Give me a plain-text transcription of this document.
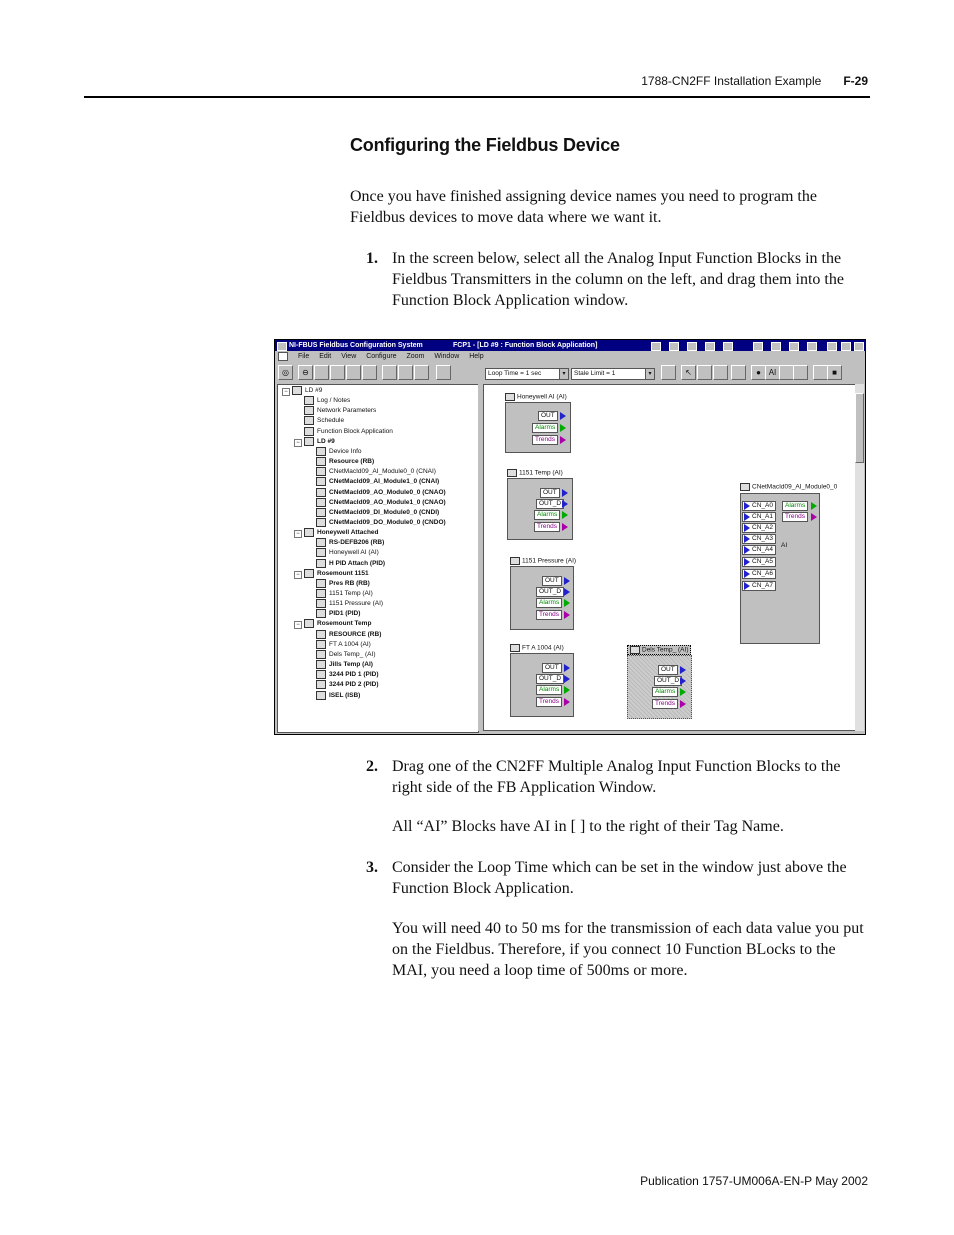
1788-CN2FF Installation Example F-29
Configuring the Fieldbus Device
Once you have finished assigning device names you need to program the Fieldbus devices to move data where we want it.
1. In the screen below, select all the Analog Input Function Blocks in the Fieldbus Transmitters in the column on the left, and drag them into the Function Block Application window.
NI-FBUS Fieldbus Configuration System	FCP1 - [LD #9 : Function Block Application]
File Edit View Configure Zoom Window Help
◎	⊖	Loop Time = 1 sec	▾	Stale Limit = 1	▾	↖	● AI	■
LD #9
−
Log / Notes
Network Parameters
Schedule
Function Block Application
LD #9
−
Device Info
Resource (RB)
CNetMacId09_AI_Module0_0 (CNAI)
CNetMacId09_AI_Module1_0 (CNAI)
CNetMacId09_AO_Module0_0 (CNAO)
CNetMacId09_AO_Module1_0 (CNAO)
CNetMacId09_DI_Module0_0 (CNDI)
CNetMacId09_DO_Module0_0 (CNDO)
Honeywell Attached
−
RS-DEFB206 (RB)
Honeywell AI (AI)
H PID Attach (PID)
Rosemount 1151
−
Pres RB (RB)
1151 Temp (AI)
1151 Pressure (AI)
PID1 (PID)
Rosemount Temp
−
RESOURCE (RB)
FT A 1004 (AI)
Dels Temp_ (AI)
Jills Temp (AI)
3244 PID 1 (PID)
3244 PID 2 (PID)
ISEL (ISB)
Honeywell AI (AI)
OUT
Alarms
Trends
1151 Temp (AI)
OUT
OUT_D
Alarms
Trends
1151 Pressure (AI)
OUT
OUT_D
Alarms
Trends
FT A 1004 (AI)
OUT
OUT_D
Alarms
Trends
Dels Temp_ (AI)
OUT
OUT_D
Alarms
Trends
CNetMacId09_AI_Module0_0
CN_A0
CN_A1
CN_A2
CN_A3
CN_A4
CN_A5
CN_A6
CN_A7
Alarms
Trends
AI
2. Drag one of the CN2FF Multiple Analog Input Function Blocks to the right side of the FB Application Window.
All “AI” Blocks have AI in [ ] to the right of their Tag Name.
3. Consider the Loop Time which can be set in the window just above the Function Block Application.
You will need 40 to 50 ms for the transmission of each data value you put on the Fieldbus. Therefore, if you connect 10 Function BLocks to the MAI, you need a loop time of 500ms or more.
Publication 1757-UM006A-EN-P May 2002
